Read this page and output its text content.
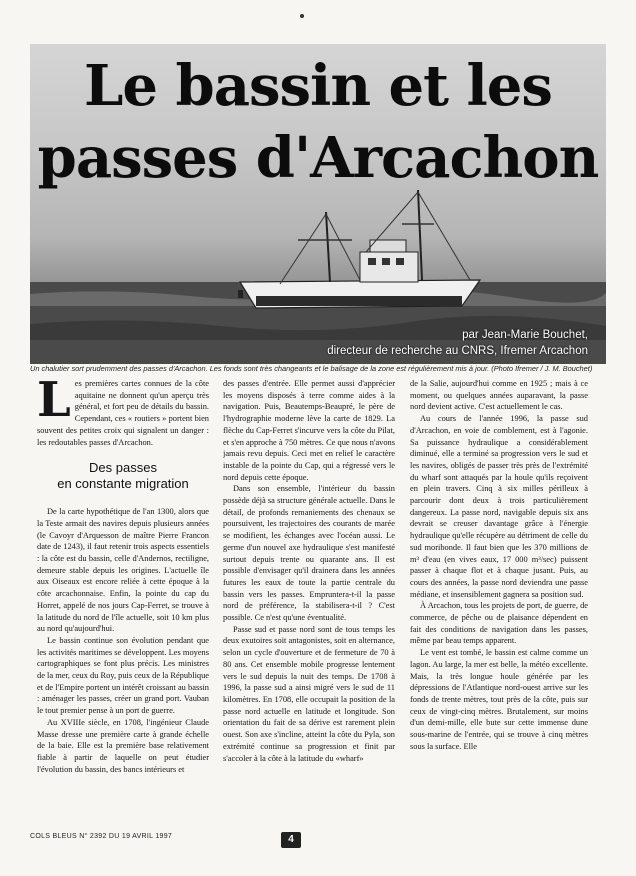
Le bassin et les
passes d'Arcachon
par Jean-Marie Bouchet,
directeur de recherche au CNRS, Ifremer Arcachon
Un chalutier sort prudemment des passes d'Arcachon. Les fonds sont très changeants et le balisage de la zone est régulièrement mis à jour. (Photo Ifremer / J. M. Bouchet)

Les premières cartes connues de la côte aquitaine ne donnent qu'un aperçu très général, et fort peu de détails du bassin. Cependant, ces « routiers » portent bien souvent des petites croix qui signalent un danger : les redoutables passes d'Arcachon.

Des passes
en constante migration

De la carte hypothétique de l'an 1300, alors que la Teste armait des navires depuis plusieurs années (le Cavoyr d'Arquesson de maître Pierre Francon date de 1243), il faut retenir trois aspects essentiels : la côte est du bassin, celle d'Andernos, rectiligne, demeure stable depuis les origines. L'actuelle île aux Oiseaux est encore reliée à cette époque à la côte arcachonnaise. Enfin, la pointe du cap du Horret, appelé de nos jours Cap-Ferret, se trouve à la latitude du nord de l'île actuelle, soit 10 km plus au nord qu'aujourd'hui.

Le bassin continue son évolution pendant que les activités maritimes se développent. Les moyens cartographiques se font plus précis. Les ministres de la mer, ceux du Roy, puis ceux de la République et de l'Empire portent un intérêt croissant au bassin : aménager les passes, créer un grand port. Vauban le tout premier pense à un port de guerre.

Au XVIIIe siècle, en 1708, l'ingénieur Claude Masse dresse une première carte à grande échelle de la baie. Elle est la première base relativement fiable à partir de laquelle on peut étudier l'évolution du bassin, des bancs intérieurs et

des passes d'entrée. Elle permet aussi d'apprécier les moyens disposés à terre comme aides à la navigation. Puis, Beautemps-Beaupré, le père de l'hydrographie moderne lève la carte de 1829. La flèche du Cap-Ferret s'incurve vers la côte du Pilat, et s'en approche à 750 mètres. Ce que nous n'avons jamais revu depuis. Ceci met en relief le caractère instable de la pointe du Cap, qui a régressé vers le nord depuis cette époque.

Dans son ensemble, l'intérieur du bassin possède déjà sa structure générale actuelle. Dans le détail, de profonds remaniements des chenaux se poursuivent, les trajectoires des courants de marée se modifient, les échanges avec l'océan aussi. Le germe d'un nouvel axe hydraulique s'est manifesté surtout depuis trente ou quarante ans. Il est possible d'envisager qu'il drainera dans les années futures les eaux de toute la partie centrale du bassin vers les passes. Emprunterа-t-il la passe nord de préférence, la stabilisera-t-il ? C'est possible. Ce n'est qu'une éventualité.

Passe sud et passe nord sont de tous temps les deux exutoires soit antagonistes, soit en alternance, selon un cycle d'ouverture et de fermeture de 70 à 80 ans. Cet ensemble mobile progresse lentement vers le sud depuis la nuit des temps. De 1708 à 1996, la passe sud a ainsi migré vers le sud de 11 kilomètres. En 1708, elle occupait la position de la passe nord actuelle en latitude et longitude. Son orientation du fait de sa dérive est rarement plein ouest. Son axe s'incline, atteint la côte du Pyla, son extrémité continue sa progression et finit par s'accoler à la côte à la latitude du «wharf»

de la Salie, aujourd'hui comme en 1925 ; mais à ce moment, ou quelques années auparavant, la passe nord devient active. C'est actuellement le cas.

Au cours de l'année 1996, la passe sud d'Arcachon, en voie de comblement, est à l'agonie. Sa puissance hydraulique a considérablement diminué, elle a terminé sa progression vers le sud et les navires, obligés de passer très près de l'extrémité du wharf sont attaqués par la houle qu'ils reçoivent en plein travers. Cinq à six milles périlleux à parcourir dont deux à trois particulièrement dangereux. La passe nord, navigable depuis six ans devrait se creuser davantage grâce à l'énergie hydraulique qu'elle récupère au détriment de celle du sud moribonde. Il faut bien que les 370 millions de m³ d'eau (en vives eaux, 17 000 m³/sec) puissent passer à chaque flot et à chaque jusant. Puis, au cours des années, la passe nord deviendra une passe médiane, et insensiblement gagnera sa position sud.

À Arcachon, tous les projets de port, de guerre, de commerce, de pêche ou de plaisance dépendent en fait des conditions de navigation dans les passes, même par beau temps apparent.

Le vent est tombé, le bassin est calme comme un lagon. Au large, la mer est belle, la météo excellente. Mais, la très longue houle générée par les dépressions de l'Atlantique nord-ouest arrive sur les fonds de trente mètres, tout près de la côte, puis sur ceux de vingt-cinq mètres. Brutalement, sur moins d'un demi-mille, elle bute sur cette immense dune sous-marine de l'entrée, qui se trouve à cinq mètres sous la surface. Elle

COLS BLEUS N° 2392 DU 19 AVRIL 1997	4
